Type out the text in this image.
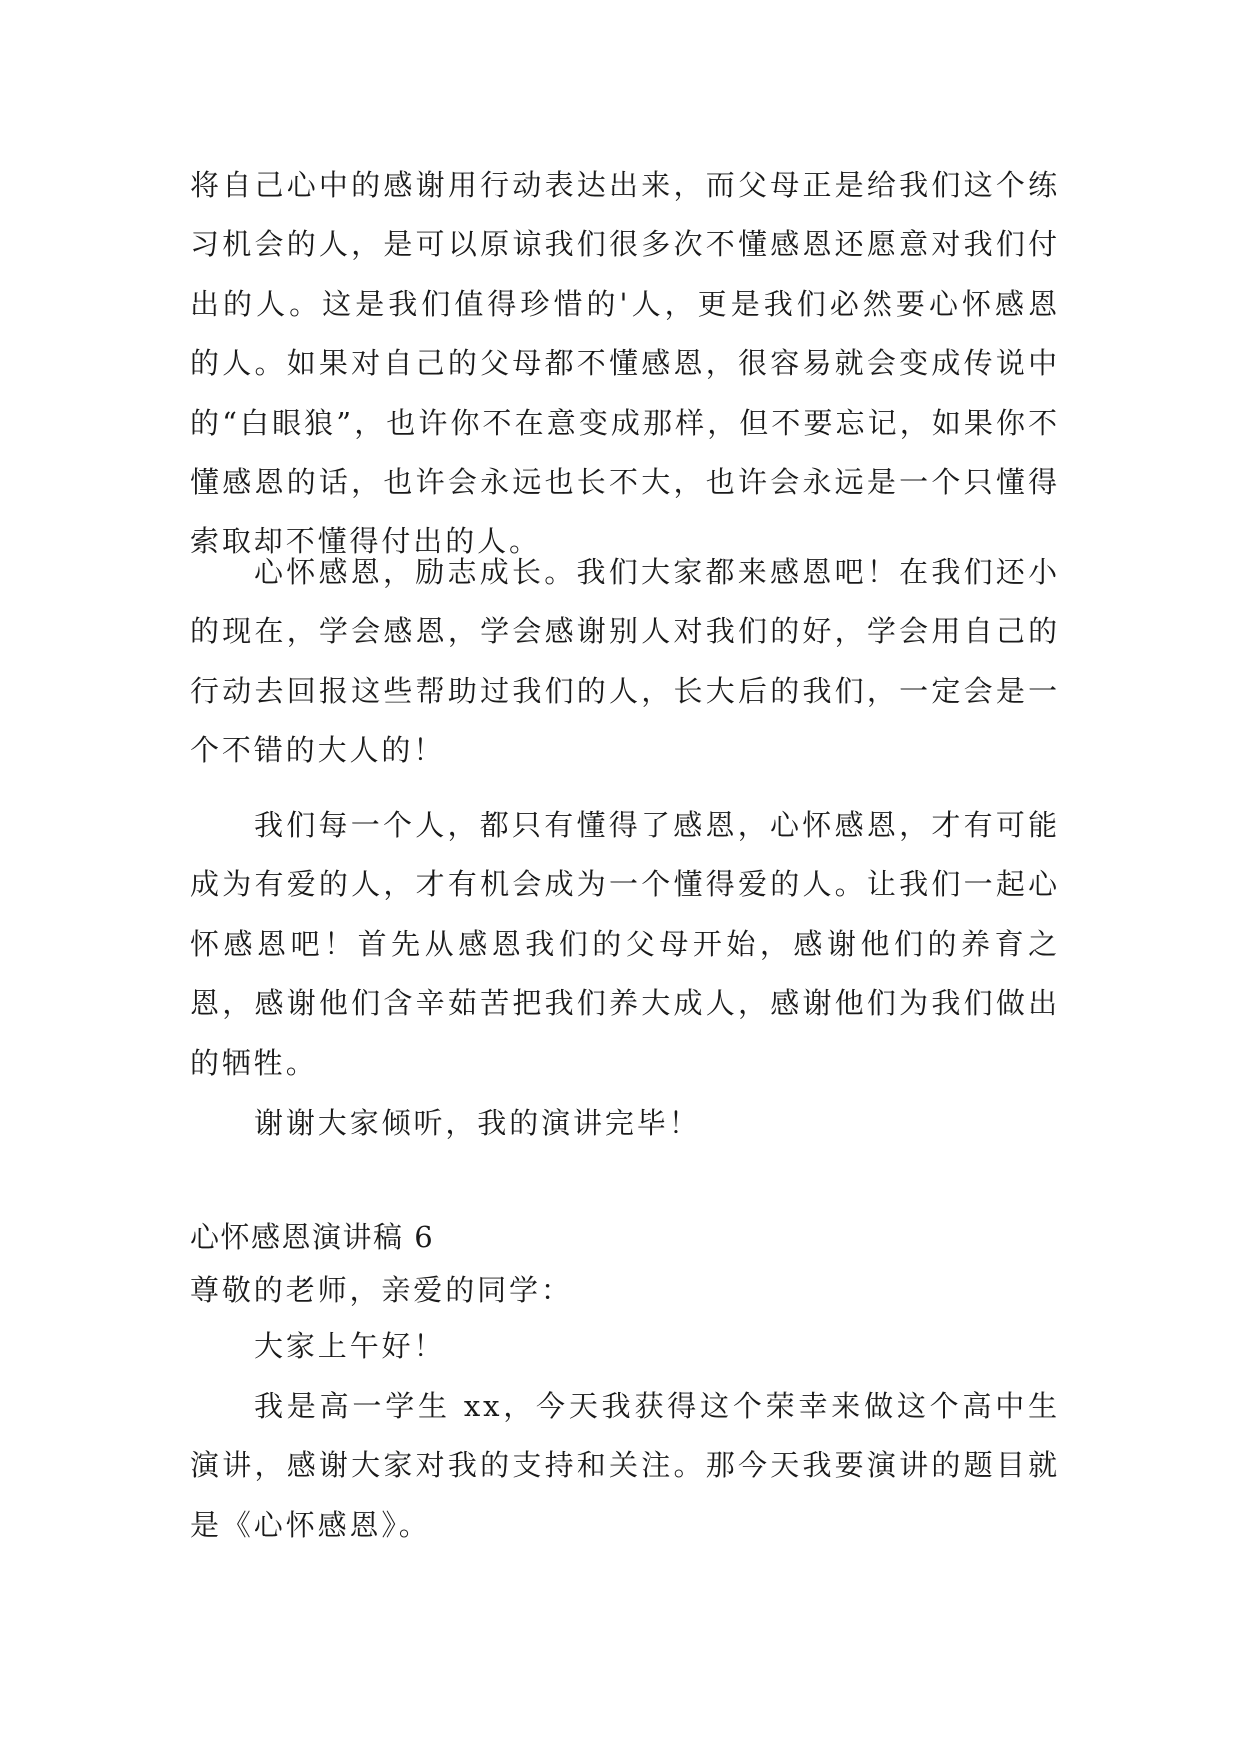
将自己心中的感谢用行动表达出来，而父母正是给我们这个练习机会的人，是可以原谅我们很多次不懂感恩还愿意对我们付出的人。这是我们值得珍惜的'人，更是我们必然要心怀感恩的人。如果对自己的父母都不懂感恩，很容易就会变成传说中的“白眼狼”，也许你不在意变成那样，但不要忘记，如果你不懂感恩的话，也许会永远也长不大，也许会永远是一个只懂得索取却不懂得付出的人。

心怀感恩，励志成长。我们大家都来感恩吧！在我们还小的现在，学会感恩，学会感谢别人对我们的好，学会用自己的行动去回报这些帮助过我们的人，长大后的我们，一定会是一个不错的大人的！

我们每一个人，都只有懂得了感恩，心怀感恩，才有可能成为有爱的人，才有机会成为一个懂得爱的人。让我们一起心怀感恩吧！首先从感恩我们的父母开始，感谢他们的养育之恩，感谢他们含辛茹苦把我们养大成人，感谢他们为我们做出的牺牲。

谢谢大家倾听，我的演讲完毕！

心怀感恩演讲稿 6

尊敬的老师，亲爱的同学：

大家上午好！

我是高一学生 xx，今天我获得这个荣幸来做这个高中生演讲，感谢大家对我的支持和关注。那今天我要演讲的题目就是《心怀感恩》。
